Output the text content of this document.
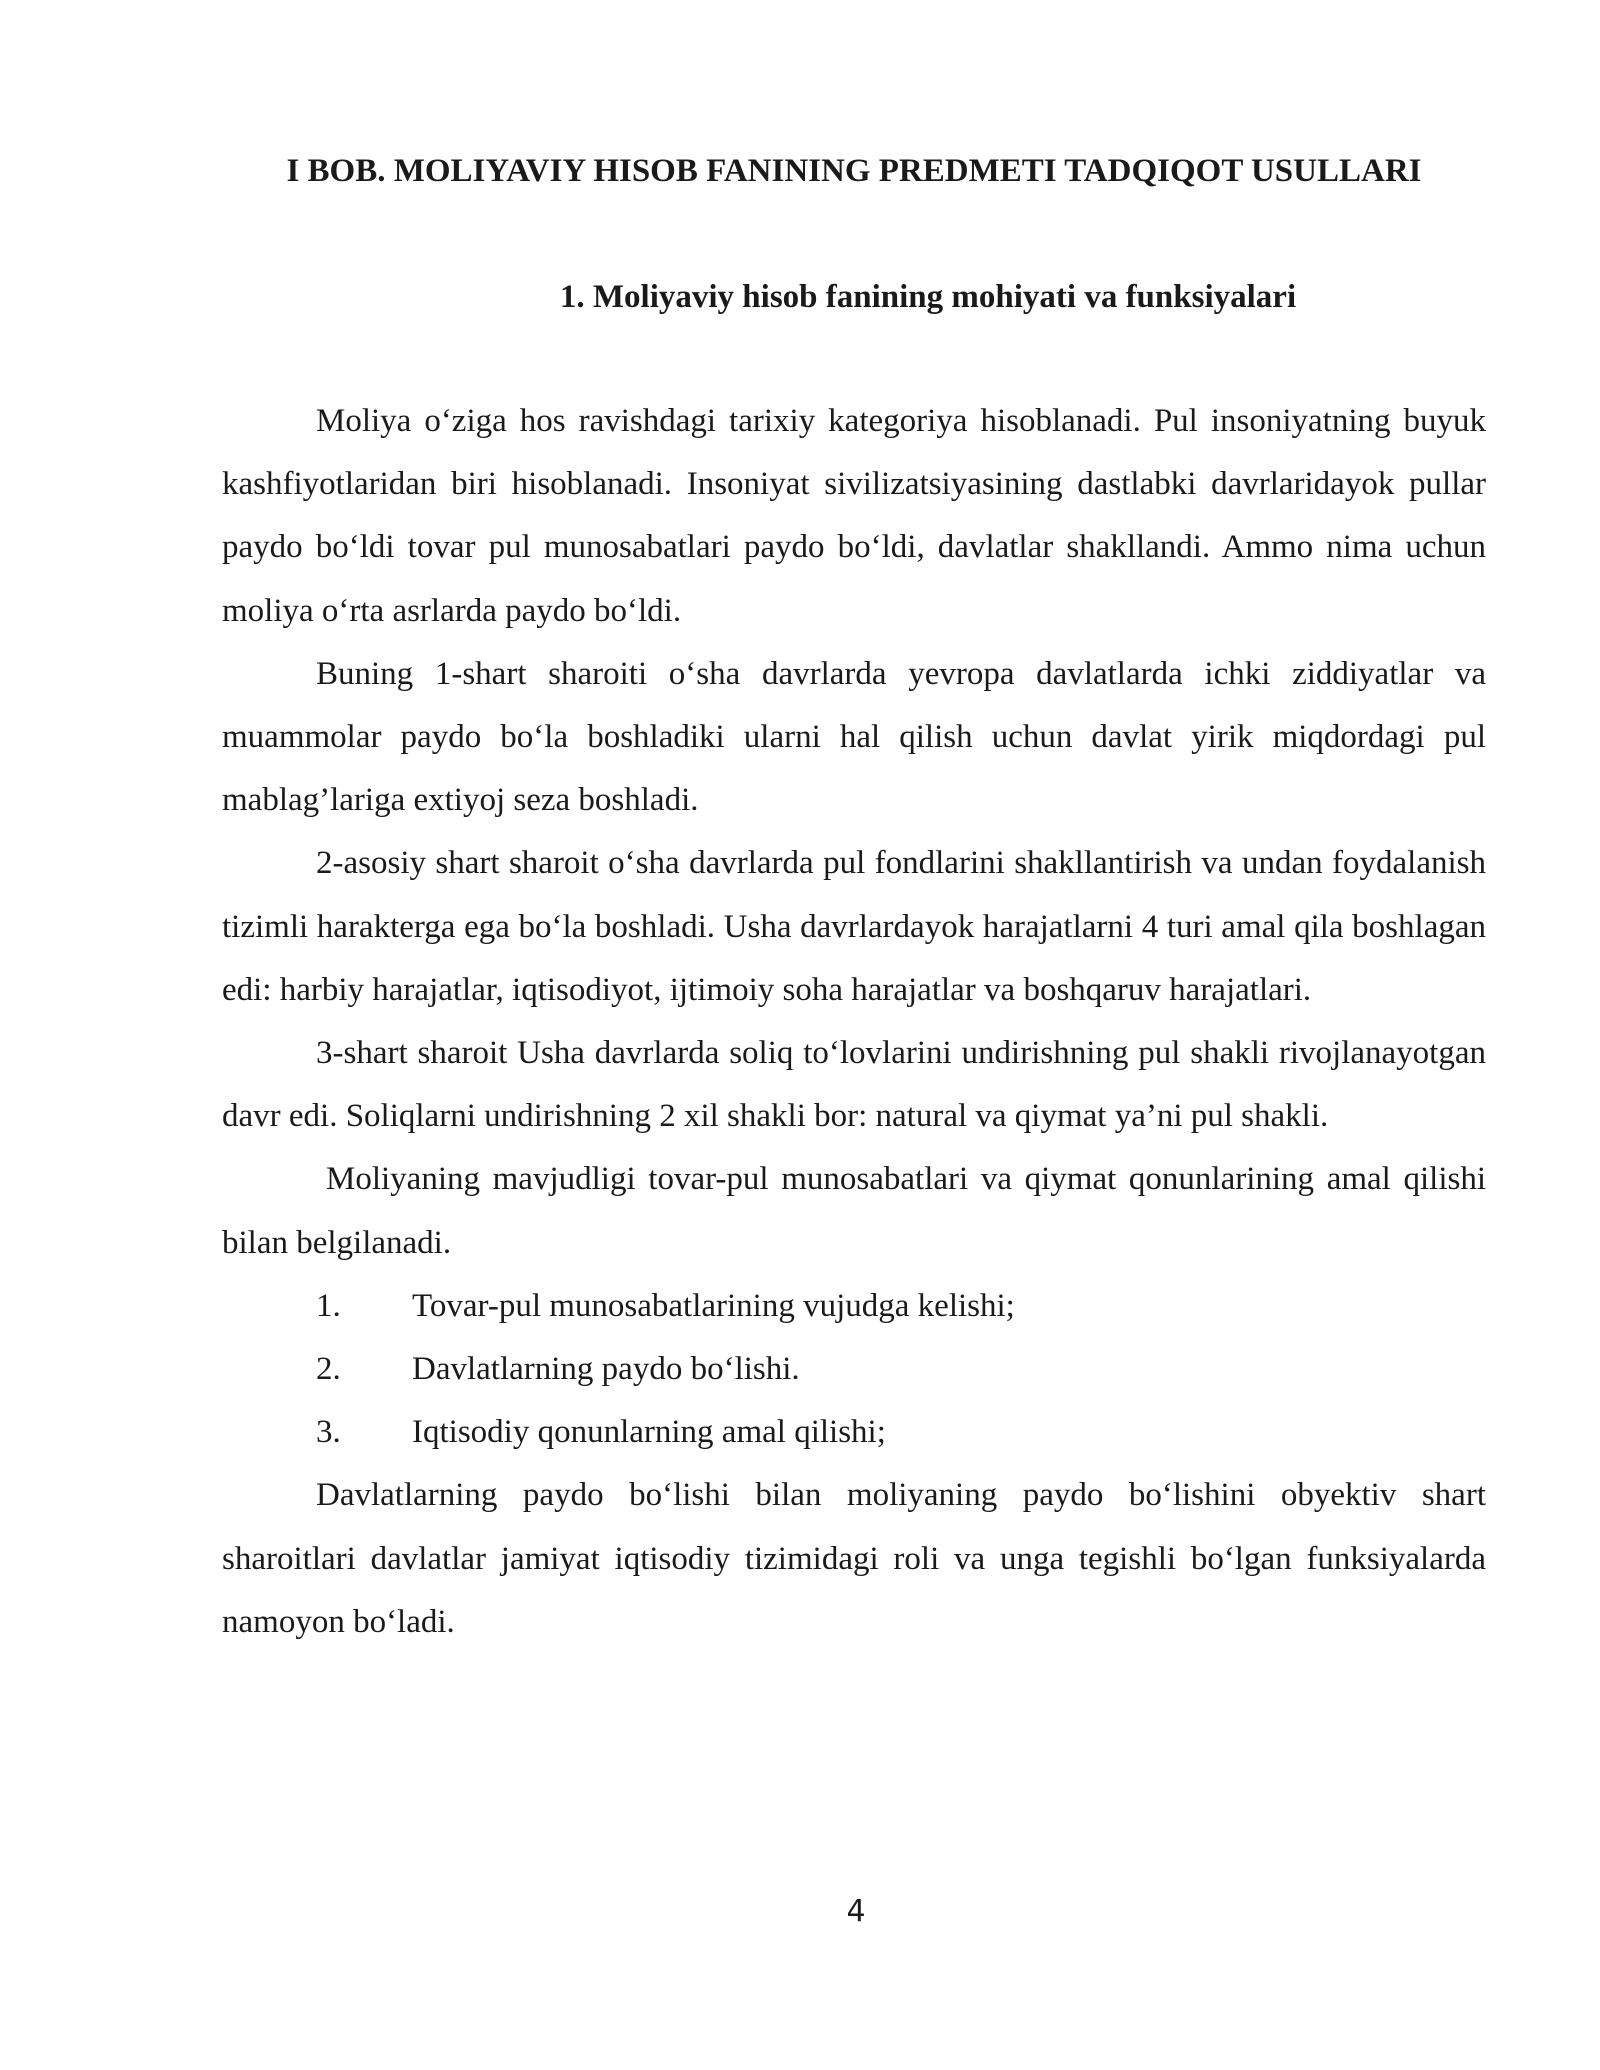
I BOB. MOLIYAVIY HISOB FANINING PREDMETI TADQIQOT USULLARI
1. Moliyaviy hisob fanining mohiyati va funksiyalari

Moliya o‘ziga hos ravishdagi tarixiy kategoriya hisoblanadi. Pul insoniyatning buyuk kashfiyotlaridan biri hisoblanadi. Insoniyat sivilizatsiyasining dastlabki davrlaridayok pullar paydo bo‘ldi tovar pul munosabatlari paydo bo‘ldi, davlatlar shakllandi. Ammo nima uchun moliya o‘rta asrlarda paydo bo‘ldi.

Buning 1-shart sharoiti o‘sha davrlarda yevropa davlatlarda ichki ziddiyatlar va muammolar paydo bo‘la boshladiki ularni hal qilish uchun davlat yirik miqdordagi pul mablag’lariga extiyoj seza boshladi.

2-asosiy shart sharoit o‘sha davrlarda pul fondlarini shakllantirish va undan foydalanish tizimli harakterga ega bo‘la boshladi. Usha davrlardayok harajatlarni 4 turi amal qila boshlagan edi: harbiy harajatlar, iqtisodiyot, ijtimoiy soha harajatlar va boshqaruv harajatlari.

3-shart sharoit Usha davrlarda soliq to‘lovlarini undirishning pul shakli rivojlanayotgan davr edi. Soliqlarni undirishning 2 xil shakli bor: natural va qiymat ya’ni pul shakli.

Moliyaning mavjudligi tovar-pul munosabatlari va qiymat qonunlarining amal qilishi bilan belgilanadi.

1.	Tovar-pul munosabatlarining vujudga kelishi;
2.	Davlatlarning paydo bo‘lishi.
3.	Iqtisodiy qonunlarning amal qilishi;

Davlatlarning paydo bo‘lishi bilan moliyaning paydo bo‘lishini obyektiv shart sharoitlari davlatlar jamiyat iqtisodiy tizimidagi roli va unga tegishli bo‘lgan funksiyalarda namoyon bo‘ladi.

4
